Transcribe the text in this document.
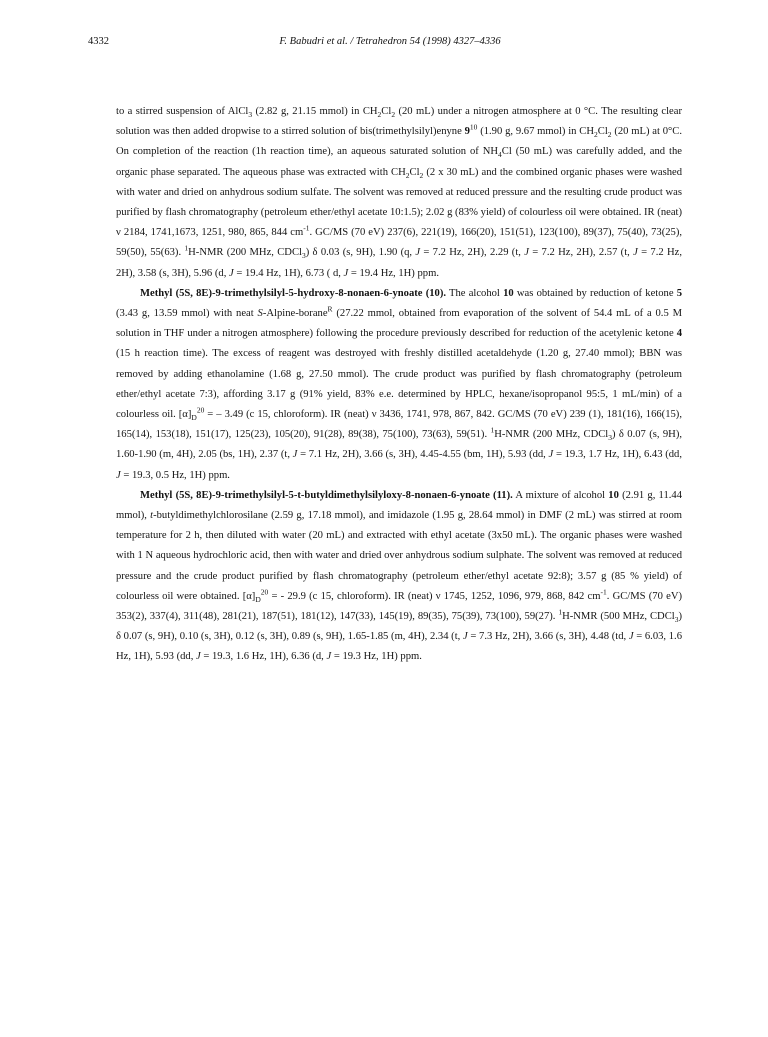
4332	F. Babudri et al. / Tetrahedron 54 (1998) 4327–4336

to a stirred suspension of AlCl$_3$ (2.82 g, 21.15 mmol) in $CH_2Cl_2$ (20 mL) under a nitrogen atmosphere at 0 °C. The resulting clear solution was then added dropwise to a stirred solution of bis(trimethylsilyl)enyne $9^{10}$ (1.90 g, 9.67 mmol) in $CH_2Cl_2$ (20 mL) at 0°C. On completion of the reaction (1h reaction time), an aqueous saturated solution of $NH_4Cl$ (50 mL) was carefully added, and the organic phase separated. The aqueous phase was extracted with $CH_2Cl_2$ (2 x 30 mL) and the combined organic phases were washed with water and dried on anhydrous sodium sulfate. The solvent was removed at reduced pressure and the resulting crude product was purified by flash chromatography (petroleum ether/ethyl acetate 10:1.5); 2.02 g (83% yield) of colourless oil were obtained. IR (neat) ν 2184, 1741,1673, 1251, 980, 865, 844 $cm^{-1}$. GC/MS (70 eV) 237(6), 221(19), 166(20), 151(51), 123(100), 89(37), 75(40), 73(25), 59(50), 55(63). $^1$H-NMR (200 MHz, CDCl$_3$) δ 0.03 (s, 9H), 1.90 (q, J = 7.2 Hz, 2H), 2.29 (t, J = 7.2 Hz, 2H), 2.57 (t, J = 7.2 Hz, 2H), 3.58 (s, 3H), 5.96 (d, J = 19.4 Hz, 1H), 6.73 ( d, J = 19.4 Hz, 1H) ppm.

Methyl (5S, 8E)-9-trimethylsilyl-5-hydroxy-8-nonaen-6-ynoate (10). The alcohol 10 was obtained by reduction of ketone 5 (3.43 g, 13.59 mmol) with neat S-Alpine-borane$^R$ (27.22 mmol, obtained from evaporation of the solvent of 54.4 mL of a 0.5 M solution in THF under a nitrogen atmosphere) following the procedure previously described for reduction of the acetylenic ketone 4 (15 h reaction time). The excess of reagent was destroyed with freshly distilled acetaldehyde (1.20 g, 27.40 mmol); BBN was removed by adding ethanolamine (1.68 g, 27.50 mmol). The crude product was purified by flash chromatography (petroleum ether/ethyl acetate 7:3), affording 3.17 g (91% yield, 83% e.e. determined by HPLC, hexane/isopropanol 95:5, 1 mL/min) of a colourless oil. $[\alpha]_D^{20}$ = – 3.49 (c 15, chloroform). IR (neat) ν 3436, 1741, 978, 867, 842. GC/MS (70 eV) 239 (1), 181(16), 166(15), 165(14), 153(18), 151(17), 125(23), 105(20), 91(28), 89(38), 75(100), 73(63), 59(51). $^1$H-NMR (200 MHz, CDCl$_3$) δ 0.07 (s, 9H), 1.60-1.90 (m, 4H), 2.05 (bs, 1H), 2.37 (t, J = 7.1 Hz, 2H), 3.66 (s, 3H), 4.45-4.55 (bm, 1H), 5.93 (dd, J = 19.3, 1.7 Hz, 1H), 6.43 (dd, J = 19.3, 0.5 Hz, 1H) ppm.

Methyl (5S, 8E)-9-trimethylsilyl-5-t-butyldimethylsilyloxy-8-nonaen-6-ynoate (11). A mixture of alcohol 10 (2.91 g, 11.44 mmol), t-butyldimethylchlorosilane (2.59 g, 17.18 mmol), and imidazole (1.95 g, 28.64 mmol) in DMF (2 mL) was stirred at room temperature for 2 h, then diluted with water (20 mL) and extracted with ethyl acetate (3x50 mL). The organic phases were washed with 1 N aqueous hydrochloric acid, then with water and dried over anhydrous sodium sulphate. The solvent was removed at reduced pressure and the crude product purified by flash chromatography (petroleum ether/ethyl acetate 92:8); 3.57 g (85 % yield) of colourless oil were obtained. $[\alpha]_D^{20}$ = - 29.9 (c 15, chloroform). IR (neat) ν 1745, 1252, 1096, 979, 868, 842 $cm^{-1}$. GC/MS (70 eV) 353(2), 337(4), 311(48), 281(21), 187(51), 181(12), 147(33), 145(19), 89(35), 75(39), 73(100), 59(27). $^1$H-NMR (500 MHz, CDCl$_3$) δ 0.07 (s, 9H), 0.10 (s, 3H), 0.12 (s, 3H), 0.89 (s, 9H), 1.65-1.85 (m, 4H), 2.34 (t, J = 7.3 Hz, 2H), 3.66 (s, 3H), 4.48 (td, J = 6.03, 1.6 Hz, 1H), 5.93 (dd, J = 19.3, 1.6 Hz, 1H), 6.36 (d, J = 19.3 Hz, 1H) ppm.
